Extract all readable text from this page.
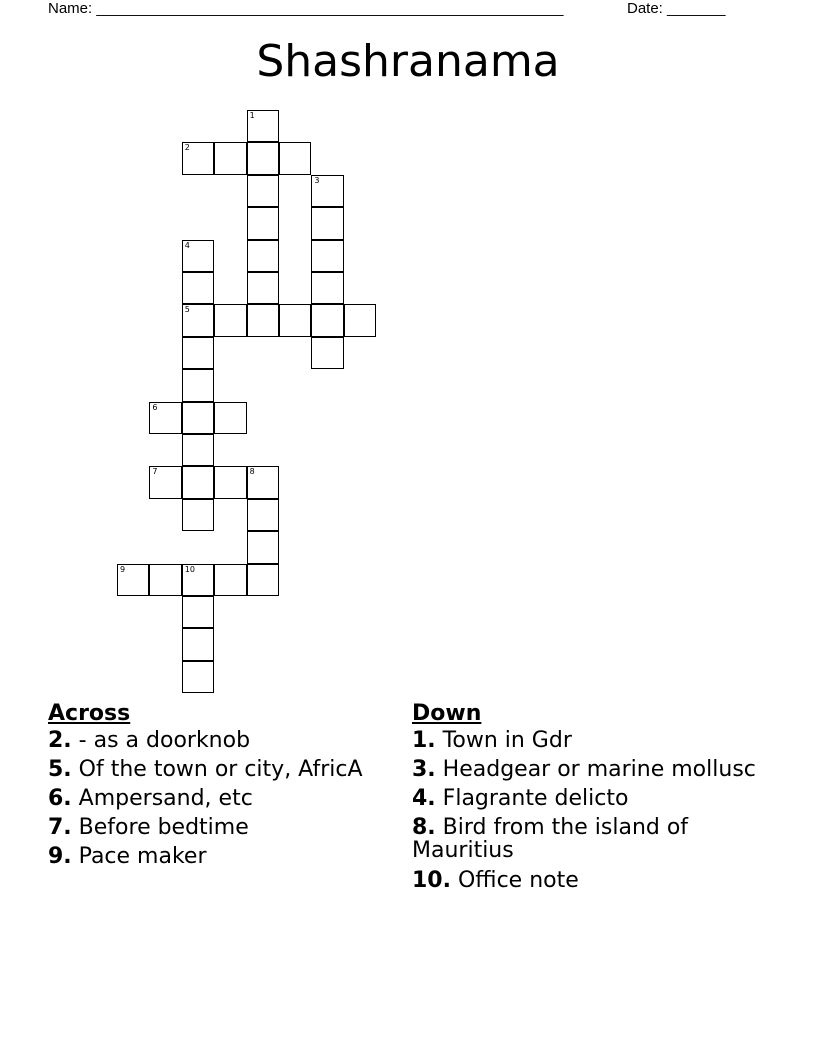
Name: ________________________________________________________	Date: _______
Shashranama
1
2
3
4
5
6
7	8
9	10
Across
2. - as a doorknob
5. Of the town or city, AfricA
6. Ampersand, etc
7. Before bedtime
9. Pace maker
Down
1. Town in Gdr
3. Headgear or marine mollusc
4. Flagrante delicto
8. Bird from the island of Mauritius
10. Office note
